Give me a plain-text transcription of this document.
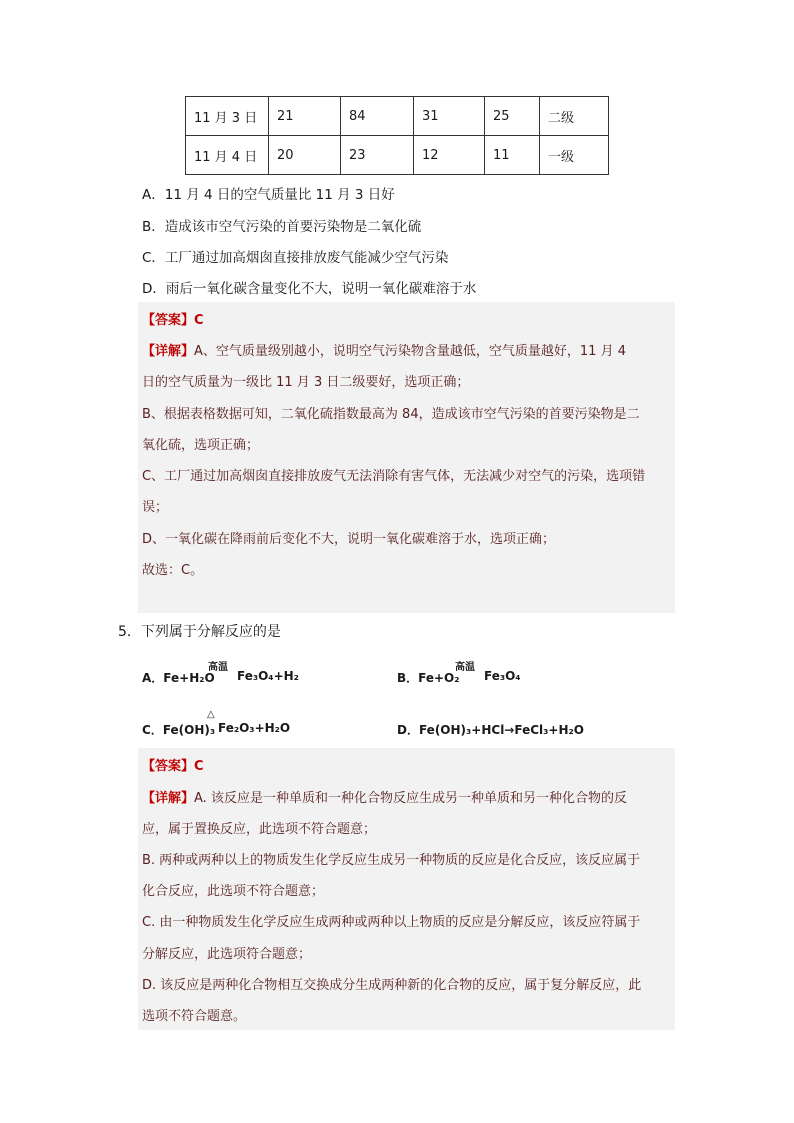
11 月 3 日	21	84	31	25	二级
11 月 4 日	20	23	12	11	一级
A．11 月 4 日的空气质量比 11 月 3 日好
B．造成该市空气污染的首要污染物是二氧化硫
C．工厂通过加高烟囱直接排放废气能减少空气污染
D．雨后一氧化碳含量变化不大，说明一氧化碳难溶于水
【答案】C
【详解】A、空气质量级别越小，说明空气污染物含量越低，空气质量越好，11 月 4
日的空气质量为一级比 11 月 3 日二级要好，选项正确；
B、根据表格数据可知，二氧化硫指数最高为 84，造成该市空气污染的首要污染物是二
氧化硫，选项正确；
C、工厂通过加高烟囱直接排放废气无法消除有害气体，无法减少对空气的污染，选项错
误；
D、一氧化碳在降雨前后变化不大，说明一氧化碳难溶于水，选项正确；
故选：C。
5．下列属于分解反应的是
A．Fe+H₂O
高温
Fe₃O₄+H₂	B．Fe+O₂
高温
Fe₃O₄
C．Fe(OH)₃
△
Fe₂O₃+H₂O	D．Fe(OH)₃+HCl→FeCl₃+H₂O
【答案】C
【详解】A. 该反应是一种单质和一种化合物反应生成另一种单质和另一种化合物的反
应，属于置换反应，此选项不符合题意；
B. 两种或两种以上的物质发生化学反应生成另一种物质的反应是化合反应，该反应属于
化合反应，此选项不符合题意；
C. 由一种物质发生化学反应生成两种或两种以上物质的反应是分解反应，该反应符属于
分解反应，此选项符合题意；
D. 该反应是两种化合物相互交换成分生成两种新的化合物的反应，属于复分解反应，此
选项不符合题意。
